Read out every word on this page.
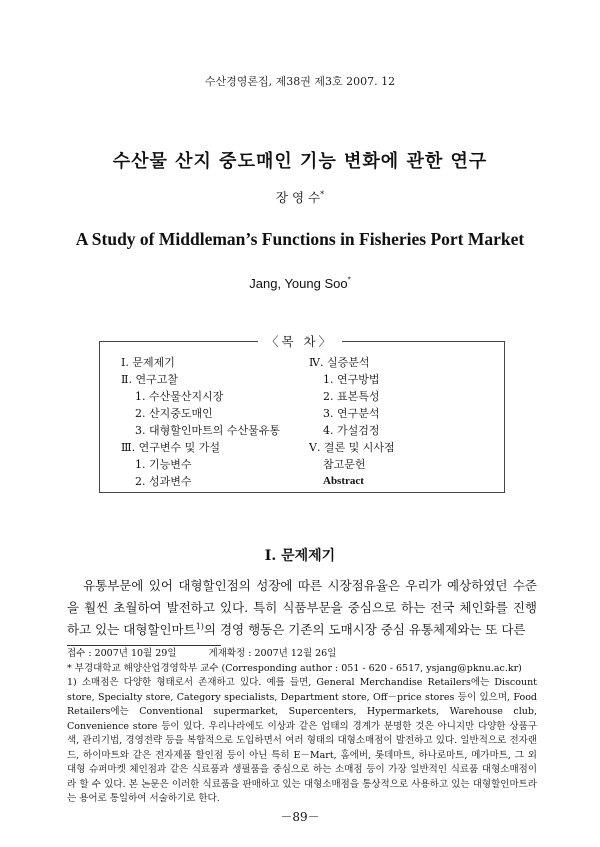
수산경영론집, 제38권 제3호 2007. 12
수산물 산지 중도매인 기능 변화에 관한 연구
장 영 수*
A Study of Middleman’s Functions in Fisheries Port Market
Jang, Young Soo*
〈목 차〉
Ⅰ. 문제제기
Ⅱ. 연구고찰
1. 수산물산지시장
2. 산지중도매인
3. 대형할인마트의 수산물유통
Ⅲ. 연구변수 및 가설
1. 기능변수
2. 성과변수
Ⅳ. 실증분석
1. 연구방법
2. 표본특성
3. 연구분석
4. 가설검정
Ⅴ. 결론 및 시사점
참고문헌
Abstract
Ⅰ. 문제제기
유통부문에 있어 대형할인점의 성장에 따른 시장점유율은 우리가 예상하였던 수준을 훨씬 초월하여 발전하고 있다. 특히 식품부문을 중심으로 하는 전국 체인화를 진행하고 있는 대형할인마트$^{1)}$의 경영 행동은 기존의 도매시장 중심 유통체제와는 또 다른
접수 : 2007년 10월 29일	게재확정 : 2007년 12월 26일
* 부경대학교 해양산업경영학부 교수 (Corresponding author : 051 - 620 - 6517, ysjang@pknu.ac.kr)
1) 소매점은 다양한 형태로서 존재하고 있다. 예를 들면, General Merchandise Retailers에는 Discount store, Specialty store, Category specialists, Department store, Off－price stores 등이 있으며, Food Retailers에는 Conventional supermarket, Supercenters, Hypermarkets, Warehouse club, Convenience store 등이 있다. 우리나라에도 이상과 같은 업태의 경계가 분명한 것은 아니지만 다양한 상품구색, 관리기법, 경영전략 등을 복합적으로 도입하면서 여러 형태의 대형소매점이 발전하고 있다. 일반적으로 전자랜드, 하이마트와 같은 전자제품 할인점 등이 아닌 특히 E－Mart, 홈에버, 롯데마트, 하나로마트, 메가마트, 그 외 대형 슈퍼마켓 체인점과 같은 식료품과 생필품을 중심으로 하는 소매점 등이 가장 일반적인 식료품 대형소매점이라 할 수 있다. 본 논문은 이러한 식료품을 판매하고 있는 대형소매점을 통상적으로 사용하고 있는 대형할인마트라는 용어로 통일하여 서술하기로 한다.
－89－
